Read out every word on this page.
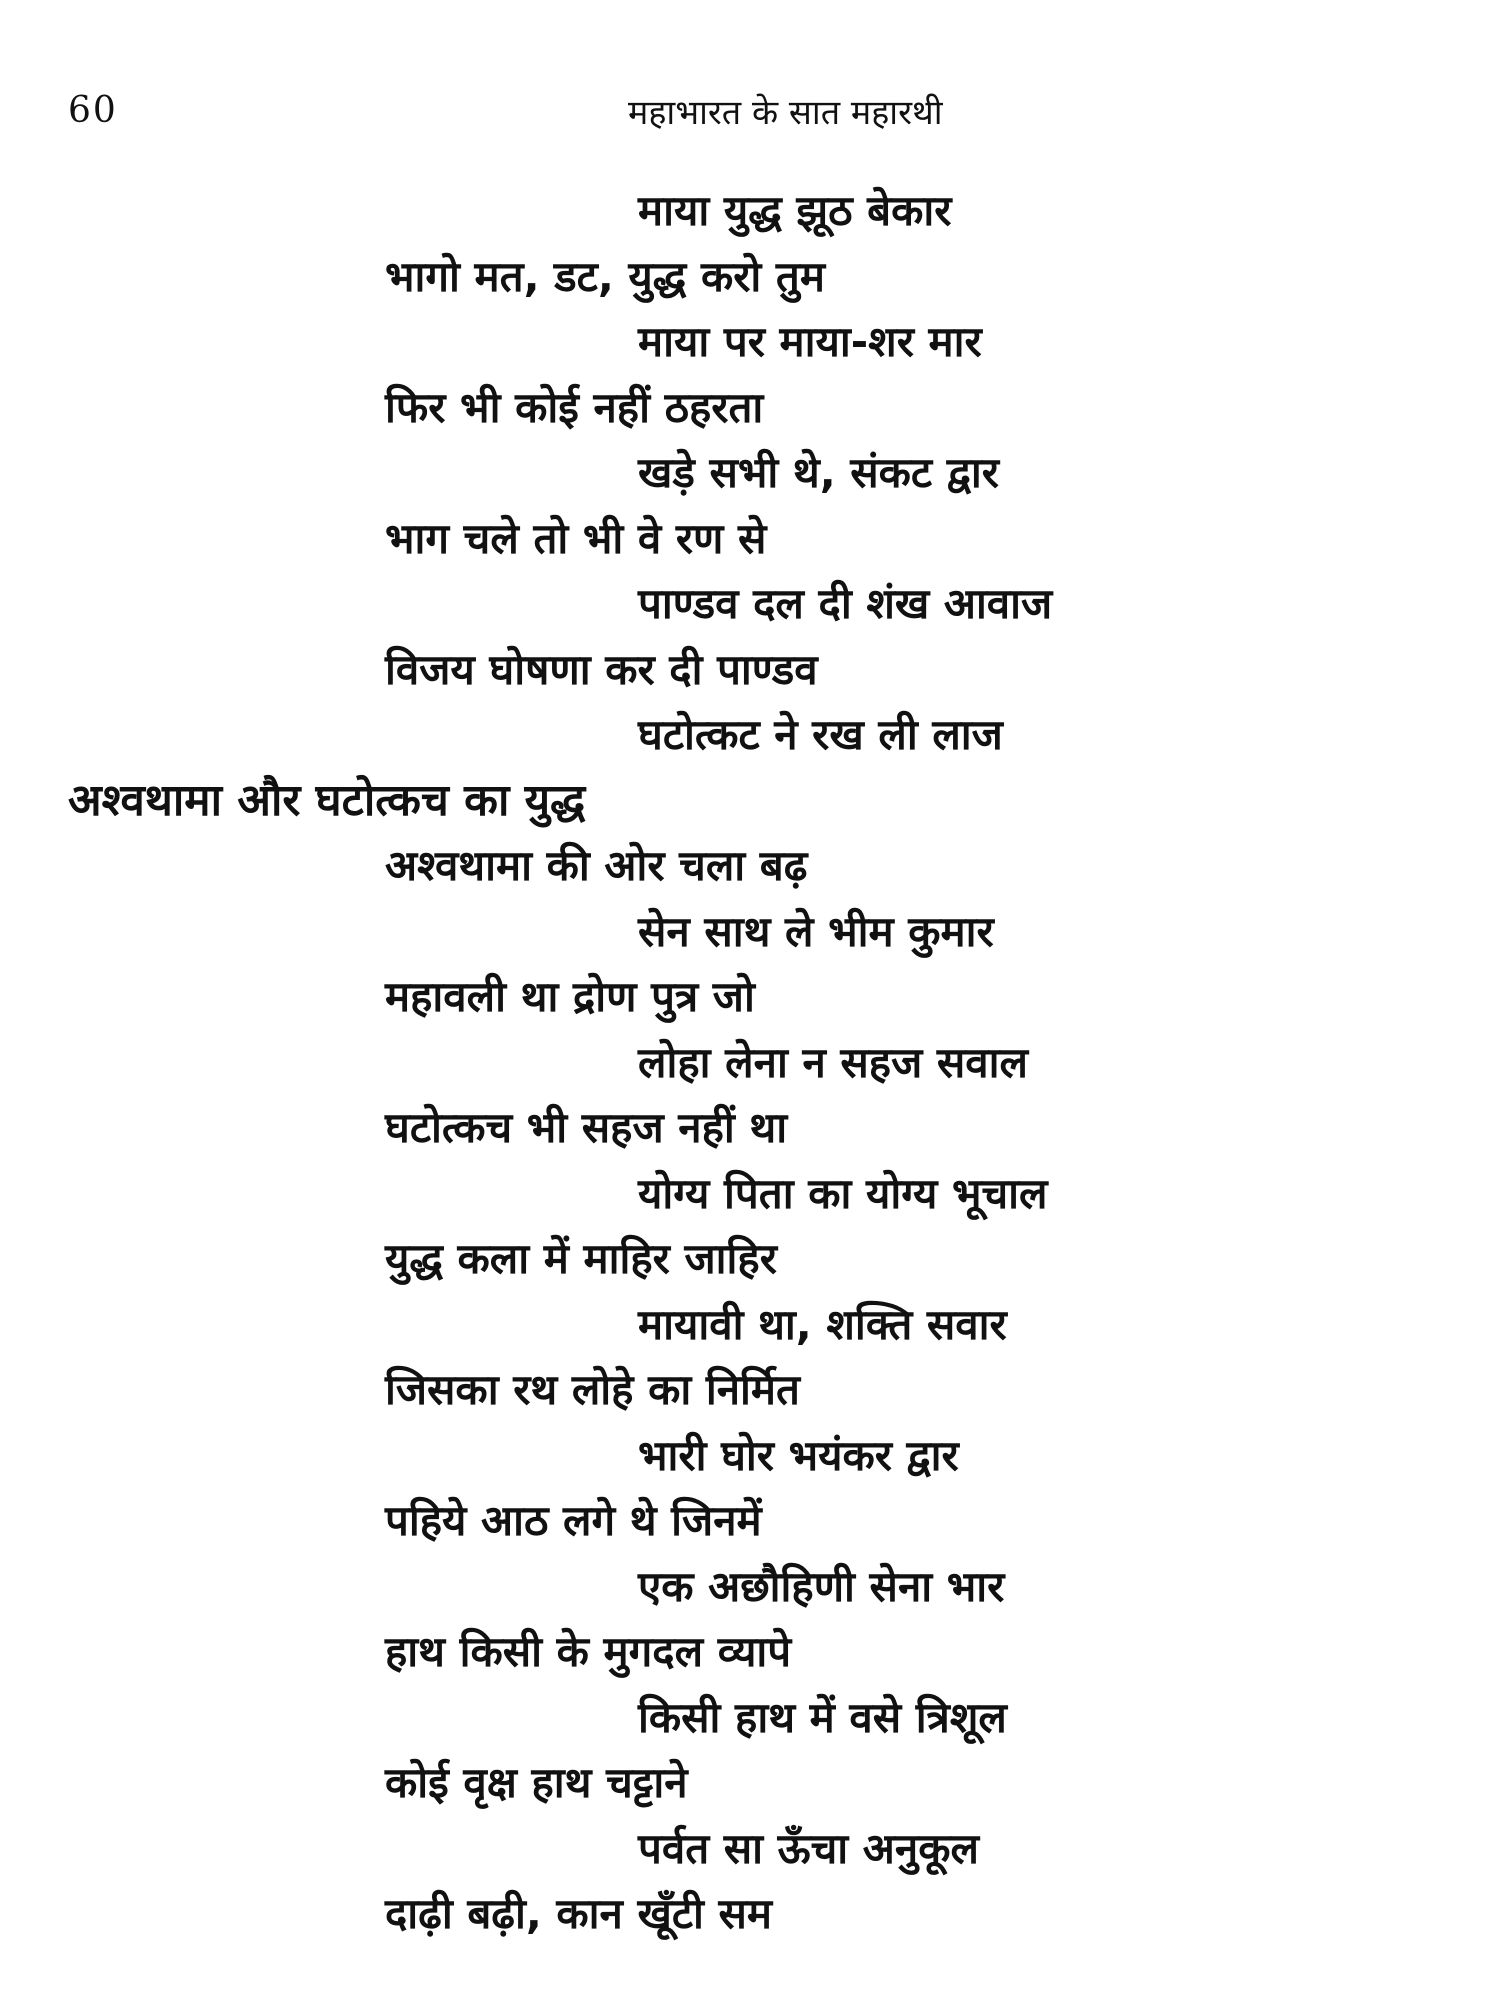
60	महाभारत के सात महारथी
माया युद्ध झूठ बेकार
भागो मत, डट, युद्ध करो तुम
माया पर माया-शर मार
फिर भी कोई नहीं ठहरता
खड़े सभी थे, संकट द्वार
भाग चले तो भी वे रण से
पाण्डव दल दी शंख आवाज
विजय घोषणा कर दी पाण्डव
घटोत्कट ने रख ली लाज
अश्वथामा और घटोत्कच का युद्ध
अश्वथामा की ओर चला बढ़
सेन साथ ले भीम कुमार
महावली था द्रोण पुत्र जो
लोहा लेना न सहज सवाल
घटोत्कच भी सहज नहीं था
योग्य पिता का योग्य भूचाल
युद्ध कला में माहिर जाहिर
मायावी था, शक्ति सवार
जिसका रथ लोहे का निर्मित
भारी घोर भयंकर द्वार
पहिये आठ लगे थे जिनमें
एक अछौहिणी सेना भार
हाथ किसी के मुगदल व्यापे
किसी हाथ में वसे त्रिशूल
कोई वृक्ष हाथ चट्टाने
पर्वत सा ऊँचा अनुकूल
दाढ़ी बढ़ी, कान खूँटी सम
